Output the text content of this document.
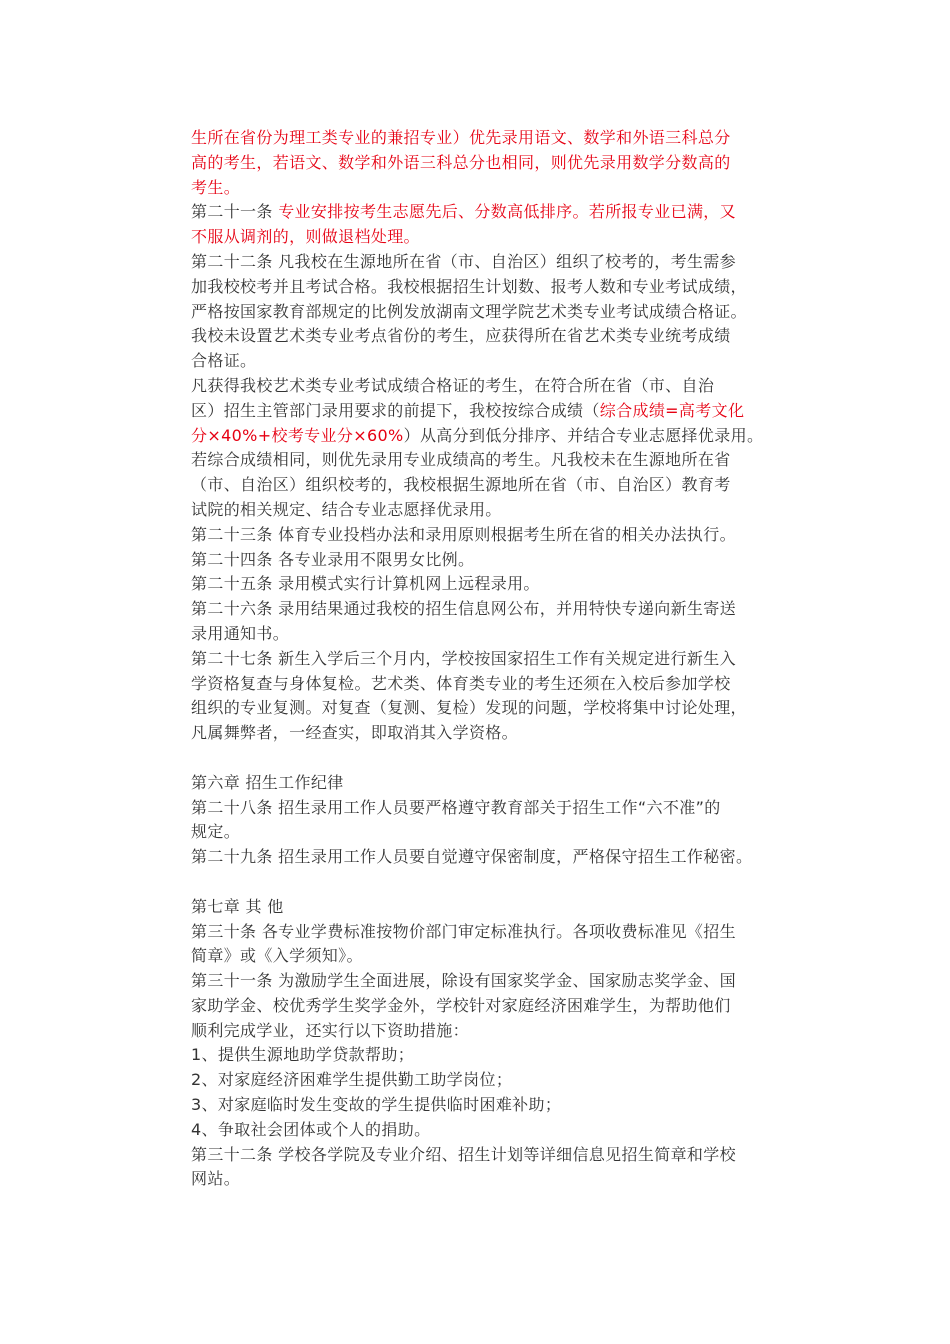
生所在省份为理工类专业的兼招专业）优先录用语文、数学和外语三科总分
高的考生，若语文、数学和外语三科总分也相同，则优先录用数学分数高的
考生。
第二十一条 专业安排按考生志愿先后、分数高低排序。若所报专业已满，又
不服从调剂的，则做退档处理。
第二十二条 凡我校在生源地所在省（市、自治区）组织了校考的，考生需参
加我校校考并且考试合格。我校根据招生计划数、报考人数和专业考试成绩，
严格按国家教育部规定的比例发放湖南文理学院艺术类专业考试成绩合格证。
我校未设置艺术类专业考点省份的考生，应获得所在省艺术类专业统考成绩
合格证。
凡获得我校艺术类专业考试成绩合格证的考生，在符合所在省（市、自治
区）招生主管部门录用要求的前提下，我校按综合成绩（综合成绩=高考文化
分×40%+校考专业分×60%）从高分到低分排序、并结合专业志愿择优录用。
若综合成绩相同，则优先录用专业成绩高的考生。凡我校未在生源地所在省
（市、自治区）组织校考的，我校根据生源地所在省（市、自治区）教育考
试院的相关规定、结合专业志愿择优录用。
第二十三条 体育专业投档办法和录用原则根据考生所在省的相关办法执行。
第二十四条 各专业录用不限男女比例。
第二十五条 录用模式实行计算机网上远程录用。
第二十六条 录用结果通过我校的招生信息网公布，并用特快专递向新生寄送
录用通知书。
第二十七条 新生入学后三个月内，学校按国家招生工作有关规定进行新生入
学资格复查与身体复检。艺术类、体育类专业的考生还须在入校后参加学校
组织的专业复测。对复查（复测、复检）发现的问题，学校将集中讨论处理，
凡属舞弊者，一经查实，即取消其入学资格。
第六章 招生工作纪律
第二十八条 招生录用工作人员要严格遵守教育部关于招生工作“六不准”的
规定。
第二十九条 招生录用工作人员要自觉遵守保密制度，严格保守招生工作秘密。
第七章 其 他
第三十条 各专业学费标准按物价部门审定标准执行。各项收费标准见《招生
简章》或《入学须知》。
第三十一条 为激励学生全面进展，除设有国家奖学金、国家励志奖学金、国
家助学金、校优秀学生奖学金外，学校针对家庭经济困难学生，为帮助他们
顺利完成学业，还实行以下资助措施：
1、提供生源地助学贷款帮助；
2、对家庭经济困难学生提供勤工助学岗位；
3、对家庭临时发生变故的学生提供临时困难补助；
4、争取社会团体或个人的捐助。
第三十二条 学校各学院及专业介绍、招生计划等详细信息见招生简章和学校
网站。
